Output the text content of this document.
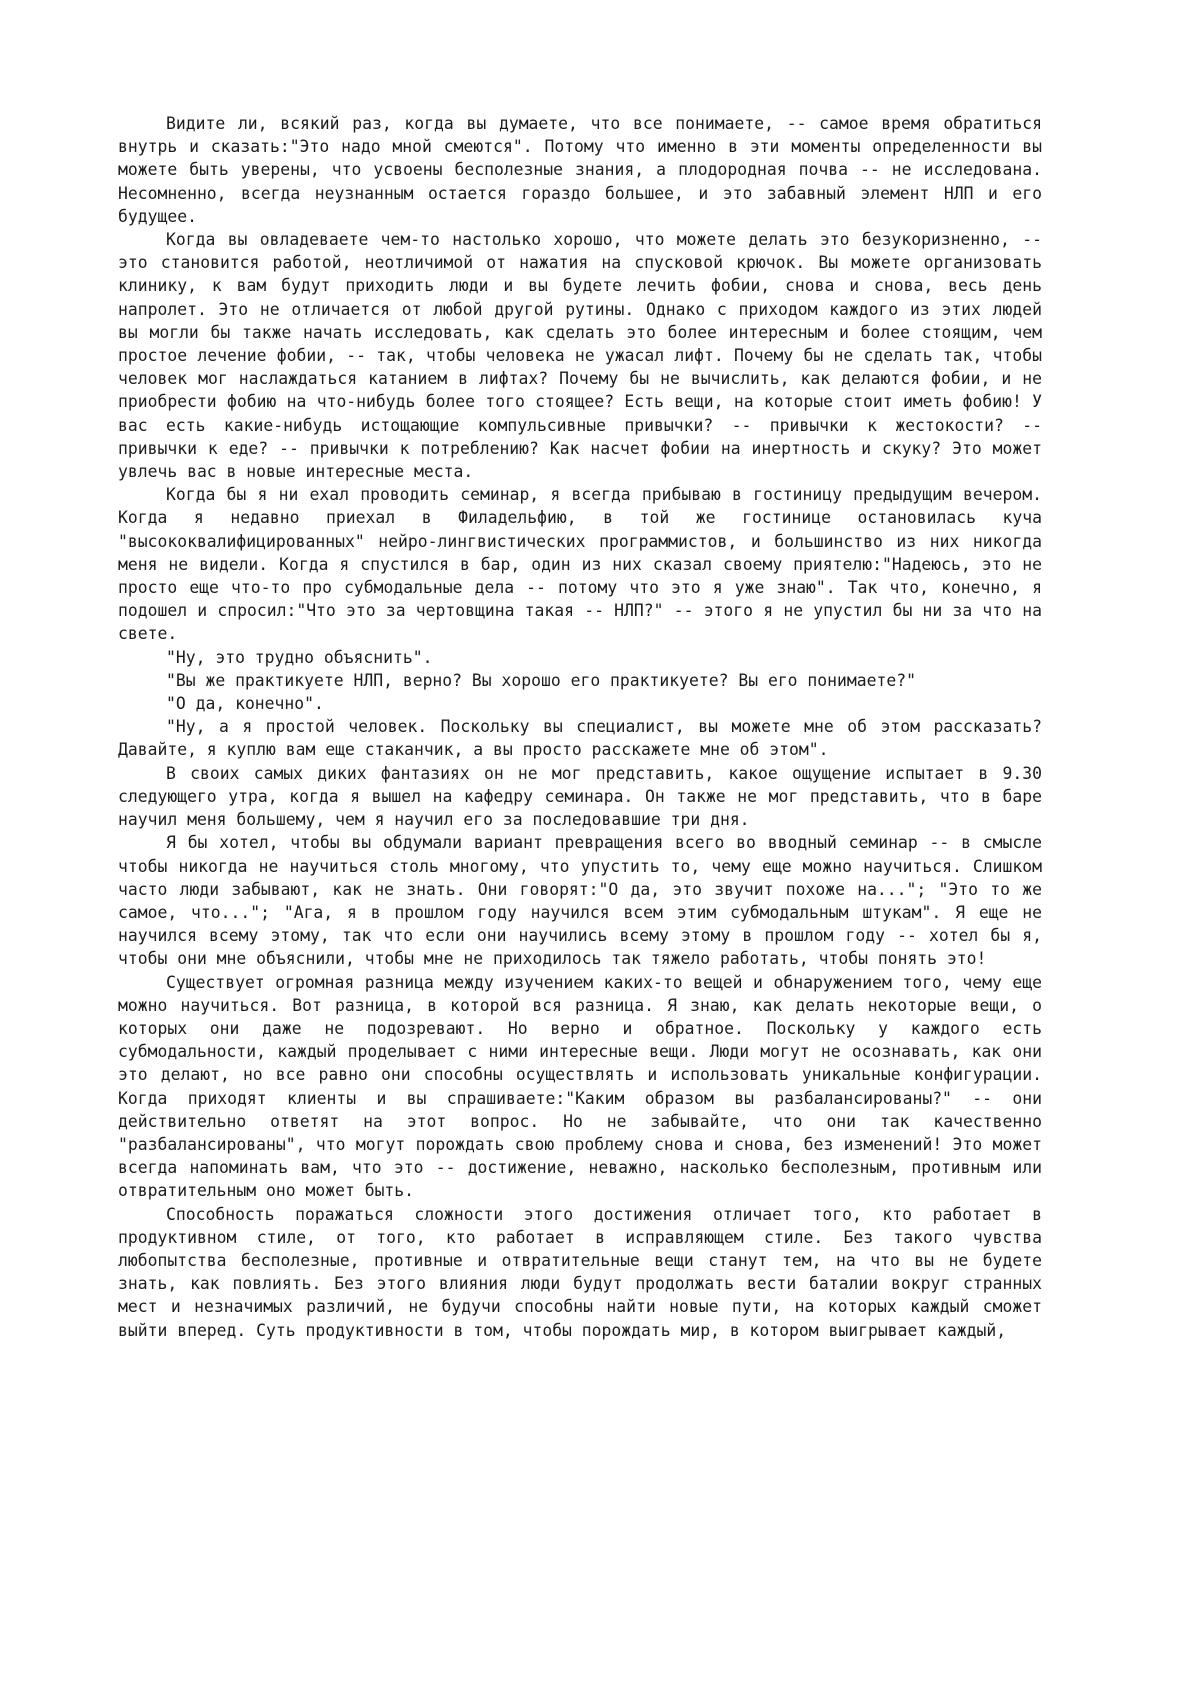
Видите ли, всякий раз, когда вы думаете, что все понимаете, -- самое время обратиться внутрь и сказать:"Это надо мной смеются". Потому что именно в эти моменты определенности вы можете быть уверены, что усвоены бесполезные знания, а плодородная почва -- не исследована. Несомненно, всегда неузнанным остается гораздо большее, и это забавный элемент НЛП и его будущее.

Когда вы овладеваете чем-то настолько хорошо, что можете делать это безукоризненно, -- это становится работой, неотличимой от нажатия на спусковой крючок. Вы можете организовать клинику, к вам будут приходить люди и вы будете лечить фобии, снова и снова, весь день напролет. Это не отличается от любой другой рутины. Однако с приходом каждого из этих людей вы могли бы также начать исследовать, как сделать это более интересным и более стоящим, чем простое лечение фобии, -- так, чтобы человека не ужасал лифт. Почему бы не сделать так, чтобы человек мог наслаждаться катанием в лифтах? Почему бы не вычислить, как делаются фобии, и не приобрести фобию на что-нибудь более того стоящее? Есть вещи, на которые стоит иметь фобию! У вас есть какие-нибудь истощающие компульсивные привычки? -- привычки к жестокости? -- привычки к еде? -- привычки к потреблению? Как насчет фобии на инертность и скуку? Это может увлечь вас в новые интересные места.

Когда бы я ни ехал проводить семинар, я всегда прибываю в гостиницу предыдущим вечером. Когда я недавно приехал в Филадельфию, в той же гостинице остановилась куча "высококвалифицированных" нейро-лингвистических программистов, и большинство из них никогда меня не видели. Когда я спустился в бар, один из них сказал своему приятелю:"Надеюсь, это не просто еще что-то про субмодальные дела -- потому что это я уже знаю". Так что, конечно, я подошел и спросил:"Что это за чертовщина такая -- НЛП?" -- этого я не упустил бы ни за что на свете.

"Ну, это трудно объяснить".

"Вы же практикуете НЛП, верно? Вы хорошо его практикуете? Вы его понимаете?"

"О да, конечно".

"Ну, а я простой человек. Поскольку вы специалист, вы можете мне об этом рассказать? Давайте, я куплю вам еще стаканчик, а вы просто расскажете мне об этом".

В своих самых диких фантазиях он не мог представить, какое ощущение испытает в 9.30 следующего утра, когда я вышел на кафедру семинара. Он также не мог представить, что в баре научил меня большему, чем я научил его за последовавшие три дня.

Я бы хотел, чтобы вы обдумали вариант превращения всего во вводный семинар -- в смысле чтобы никогда не научиться столь многому, что упустить то, чему еще можно научиться. Слишком часто люди забывают, как не знать. Они говорят:"О да, это звучит похоже на..."; "Это то же самое, что..."; "Ага, я в прошлом году научился всем этим субмодальным штукам". Я еще не научился всему этому, так что если они научились всему этому в прошлом году -- хотел бы я, чтобы они мне объяснили, чтобы мне не приходилось так тяжело работать, чтобы понять это!

Существует огромная разница между изучением каких-то вещей и обнаружением того, чему еще можно научиться. Вот разница, в которой вся разница. Я знаю, как делать некоторые вещи, о которых они даже не подозревают. Но верно и обратное. Поскольку у каждого есть субмодальности, каждый проделывает с ними интересные вещи. Люди могут не осознавать, как они это делают, но все равно они способны осуществлять и использовать уникальные конфигурации. Когда приходят клиенты и вы спрашиваете:"Каким образом вы разбалансированы?" -- они действительно ответят на этот вопрос. Но не забывайте, что они так качественно "разбалансированы", что могут порождать свою проблему снова и снова, без изменений! Это может всегда напоминать вам, что это -- достижение, неважно, насколько бесполезным, противным или отвратительным оно может быть.

Способность поражаться сложности этого достижения отличает того, кто работает в продуктивном стиле, от того, кто работает в исправляющем стиле. Без такого чувства любопытства бесполезные, противные и отвратительные вещи станут тем, на что вы не будете знать, как повлиять. Без этого влияния люди будут продолжать вести баталии вокруг странных мест и незначимых различий, не будучи способны найти новые пути, на которых каждый сможет выйти вперед. Суть продуктивности в том, чтобы порождать мир, в котором выигрывает каждый,
